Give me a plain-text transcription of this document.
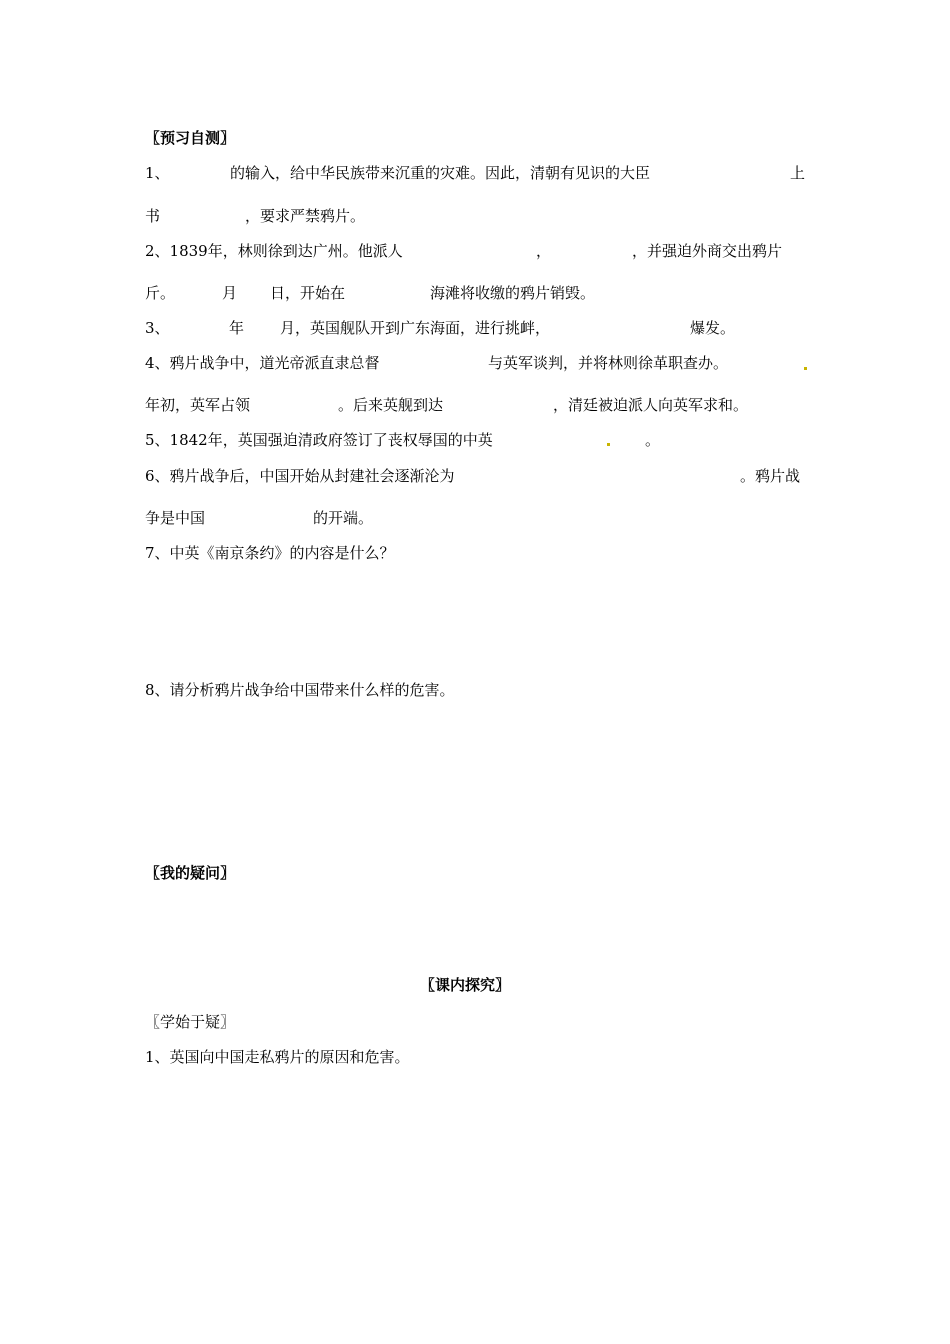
〖预习自测〗
1、	的输入，给中华民族带来沉重的灾难。因此，清朝有见识的大臣	上
书	，要求严禁鸦片。
2、1839年，林则徐到达广州。他派人	，	，并强迫外商交出鸦片
斤。	月 日，开始在	海滩将收缴的鸦片销毁。
3、	年 月，英国舰队开到广东海面，进行挑衅，	爆发。
4、鸦片战争中，道光帝派直隶总督	与英军谈判，并将林则徐革职查办。
年初，英军占领	。后来英舰到达	，清廷被迫派人向英军求和。
5、1842年，英国强迫清政府签订了丧权辱国的中英	。
6、鸦片战争后，中国开始从封建社会逐渐沦为	。鸦片战
争是中国	的开端。
7、中英《南京条约》的内容是什么？
8、请分析鸦片战争给中国带来什么样的危害。
〖我的疑问〗
〖课内探究〗
〖学始于疑〗
1、英国向中国走私鸦片的原因和危害。
